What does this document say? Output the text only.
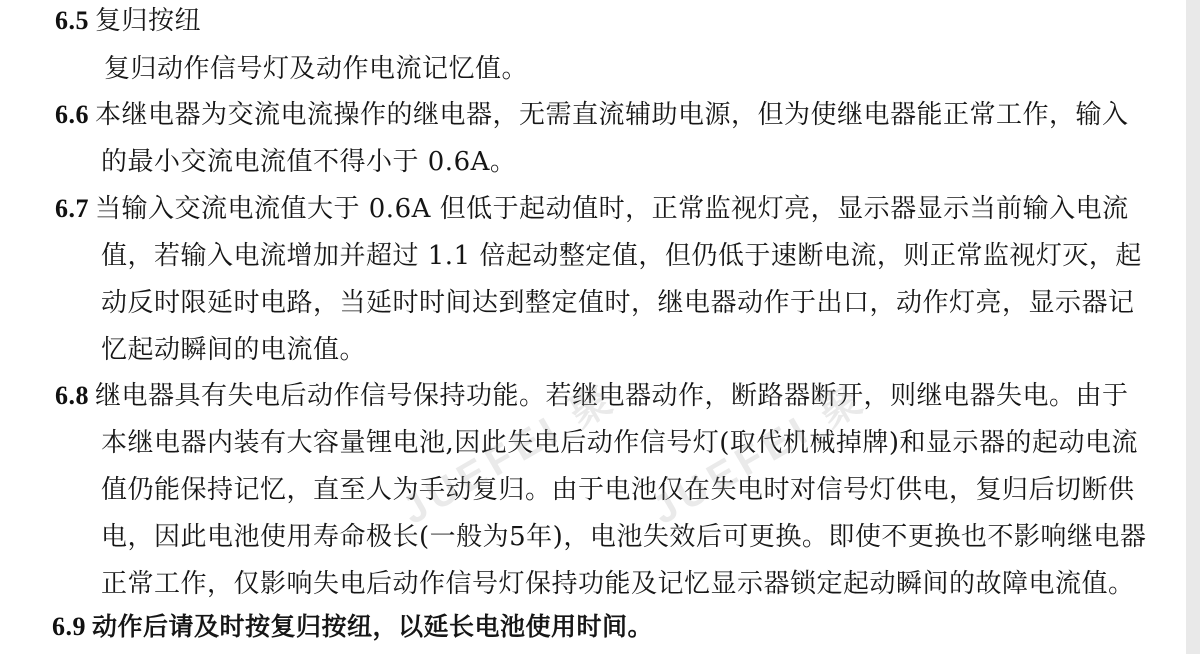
6.5 复归按纽
复归动作信号灯及动作电流记忆值。
6.6 本继电器为交流电流操作的继电器，无需直流辅助电源，但为使继电器能正常工作，输入
的最小交流电流值不得小于 0.6A。
6.7 当输入交流电流值大于 0.6A 但低于起动值时，正常监视灯亮，显示器显示当前输入电流
值，若输入电流增加并超过 1.1 倍起动整定值，但仍低于速断电流，则正常监视灯灭，起
动反时限延时电路，当延时时间达到整定值时，继电器动作于出口，动作灯亮，显示器记
忆起动瞬间的电流值。
6.8 继电器具有失电后动作信号保持功能。若继电器动作，断路器断开，则继电器失电。由于
本继电器内装有大容量锂电池,因此失电后动作信号灯(取代机械掉牌)和显示器的起动电流
值仍能保持记忆，直至人为手动复归。由于电池仅在失电时对信号灯供电，复归后切断供
电，因此电池使用寿命极长(一般为5年)，电池失效后可更换。即使不更换也不影响继电器
正常工作，仅影响失电后动作信号灯保持功能及记忆显示器锁定起动瞬间的故障电流值。
6.9 动作后请及时按复归按纽，以延长电池使用时间。
JUEFEI 聚 JUEFEI 聚
